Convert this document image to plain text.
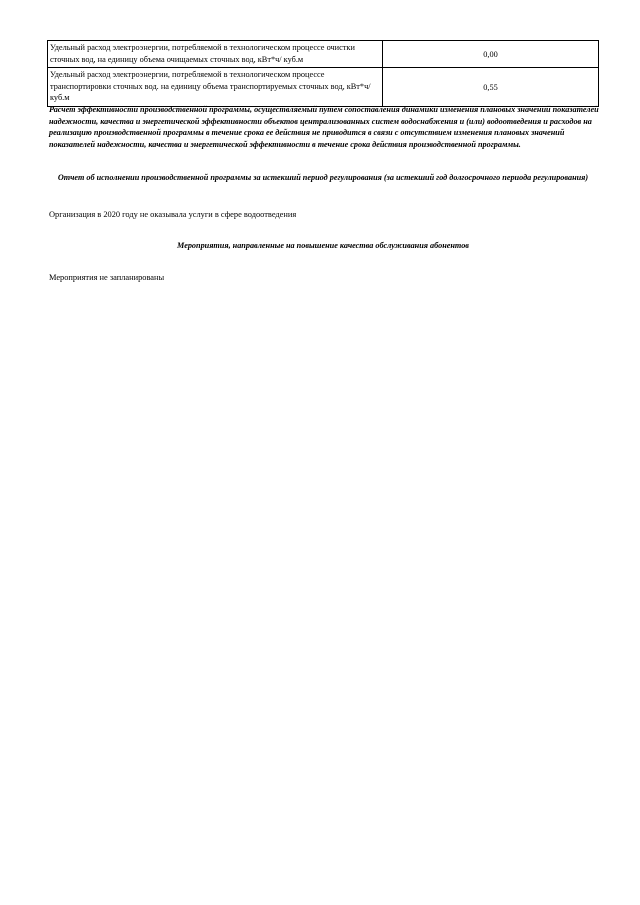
Удельный расход электроэнергии, потребляемой в технологическом процессе очистки сточных вод, на единицу объема очищаемых сточных вод, кВт*ч/ куб.м	0,00
Удельный расход электроэнергии, потребляемой в технологическом процессе транспортировки сточных вод. на единицу объема транспортируемых сточных вод, кВт*ч/ куб.м	0,55
Расчет эффективности производственной программы, осуществляемый путем сопоставления динамики изменения плановых значений показателей надежности, качества и энергетической эффективности объектов централизованных систем водоснабжения и (или) водоотведения и расходов на реализацию производственной программы в течение срока ее действия не приводится в связи с отсутствием изменения плановых значений показателей надежности, качества и энергетической эффективности в течение срока действия производственной программы.
Отчет об исполнении производственной программы за истекший период регулирования (за истекший год долгосрочного периода регулирования)
Организация в 2020 году не оказывала услуги в сфере водоотведения
Мероприятия, направленные на повышение качества обслуживания абонентов
Мероприятия не запланированы
